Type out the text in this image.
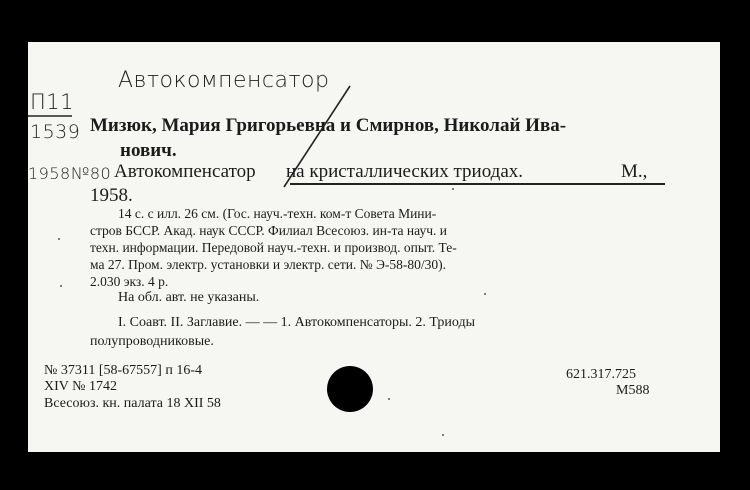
Автокомпенсатор
П11
1539
1958№80
Мизюк, Мария Григорьевна и Смирнов, Николай Ива-
нович.
Автокомпенсатор на кристаллических триодах.	М.,
1958.
14 с. с илл. 26 см. (Гос. науч.-техн. ком-т Совета Мини-
стров БССР. Акад. наук СССР. Филиал Всесоюз. ин-та науч. и
техн. информации. Передовой науч.-техн. и производ. опыт. Те-
ма 27. Пром. электр. установки и электр. сети. № Э-58-80/30).
2.030 экз. 4 р.
На обл. авт. не указаны.
I. Соавт. II. Заглавие. — — 1. Автокомпенсаторы. 2. Триоды
полупроводниковые.
№ 37311 [58-67557] п 16-4
XIV № 1742
Всесоюз. кн. палата 18 XII 58
621.317.725
M588
